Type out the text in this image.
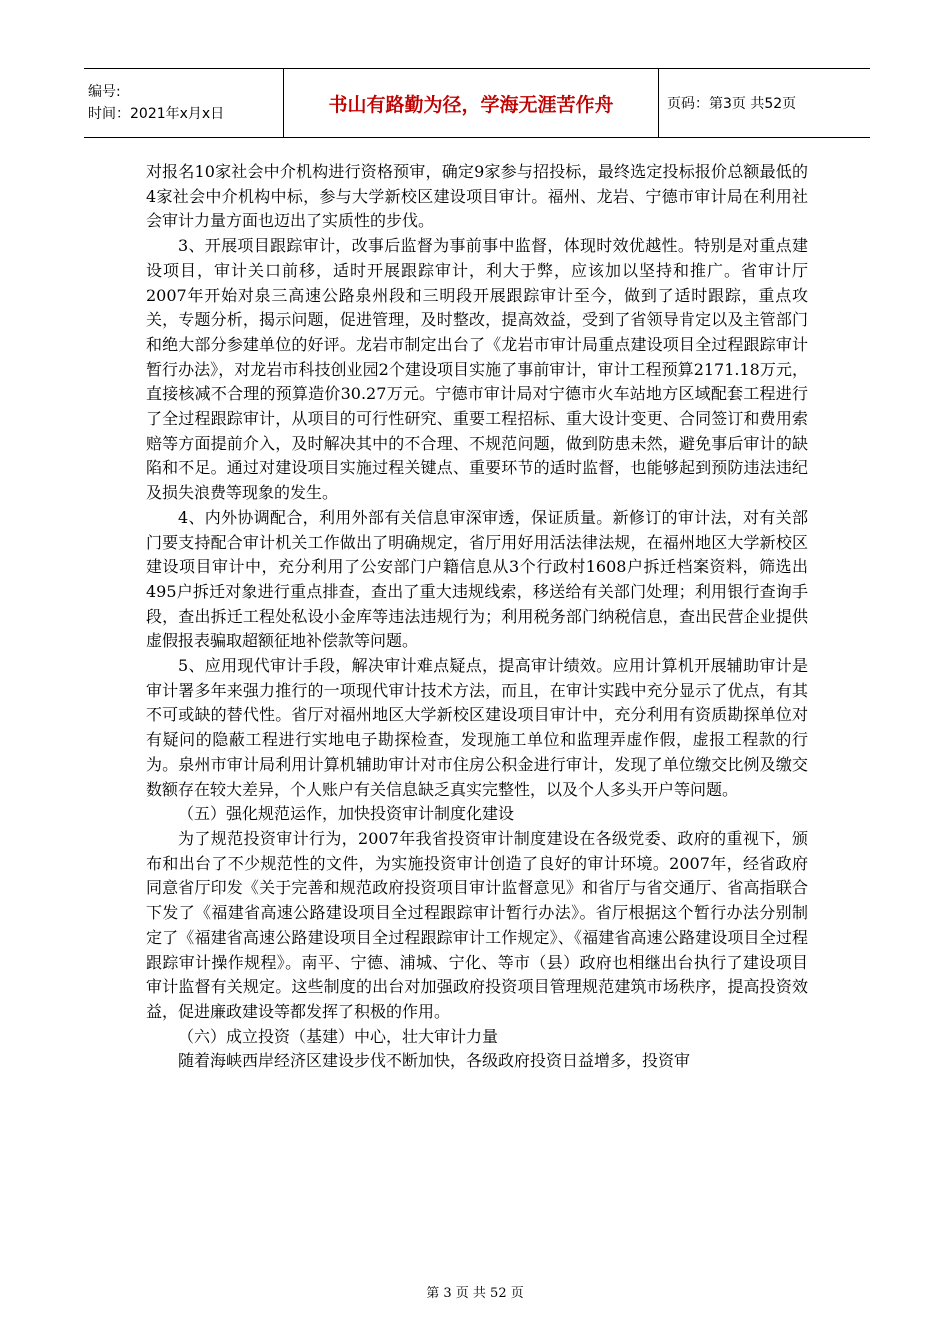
编号:
时间：2021年x月x日	书山有路勤为径，学海无涯苦作舟	页码：第3页 共52页

对报名10家社会中介机构进行资格预审，确定9家参与招投标，最终选定投标报价总额最低的4家社会中介机构中标，参与大学新校区建设项目审计。福州、龙岩、宁德市审计局在利用社会审计力量方面也迈出了实质性的步伐。

3、开展项目跟踪审计，改事后监督为事前事中监督，体现时效优越性。特别是对重点建设项目，审计关口前移，适时开展跟踪审计，利大于弊，应该加以坚持和推广。省审计厅2007年开始对泉三高速公路泉州段和三明段开展跟踪审计至今，做到了适时跟踪，重点攻关，专题分析，揭示问题，促进管理，及时整改，提高效益，受到了省领导肯定以及主管部门和绝大部分参建单位的好评。龙岩市制定出台了《龙岩市审计局重点建设项目全过程跟踪审计暂行办法》，对龙岩市科技创业园2个建设项目实施了事前审计，审计工程预算2171.18万元，直接核减不合理的预算造价30.27万元。宁德市审计局对宁德市火车站地方区域配套工程进行了全过程跟踪审计，从项目的可行性研究、重要工程招标、重大设计变更、合同签订和费用索赔等方面提前介入，及时解决其中的不合理、不规范问题，做到防患未然，避免事后审计的缺陷和不足。通过对建设项目实施过程关键点、重要环节的适时监督，也能够起到预防违法违纪及损失浪费等现象的发生。

4、内外协调配合，利用外部有关信息审深审透，保证质量。新修订的审计法，对有关部门要支持配合审计机关工作做出了明确规定，省厅用好用活法律法规，在福州地区大学新校区建设项目审计中，充分利用了公安部门户籍信息从3个行政村1608户拆迁档案资料，筛选出495户拆迁对象进行重点排查，查出了重大违规线索，移送给有关部门处理；利用银行查询手段，查出拆迁工程处私设小金库等违法违规行为；利用税务部门纳税信息，查出民营企业提供虚假报表骗取超额征地补偿款等问题。

5、应用现代审计手段，解决审计难点疑点，提高审计绩效。应用计算机开展辅助审计是审计署多年来强力推行的一项现代审计技术方法，而且，在审计实践中充分显示了优点，有其不可或缺的替代性。省厅对福州地区大学新校区建设项目审计中，充分利用有资质勘探单位对有疑问的隐蔽工程进行实地电子勘探检查，发现施工单位和监理弄虚作假，虚报工程款的行为。泉州市审计局利用计算机辅助审计对市住房公积金进行审计，发现了单位缴交比例及缴交数额存在较大差异，个人账户有关信息缺乏真实完整性，以及个人多头开户等问题。

（五）强化规范运作，加快投资审计制度化建设

为了规范投资审计行为，2007年我省投资审计制度建设在各级党委、政府的重视下，颁布和出台了不少规范性的文件，为实施投资审计创造了良好的审计环境。2007年，经省政府同意省厅印发《关于完善和规范政府投资项目审计监督意见》和省厅与省交通厅、省高指联合下发了《福建省高速公路建设项目全过程跟踪审计暂行办法》。省厅根据这个暂行办法分别制定了《福建省高速公路建设项目全过程跟踪审计工作规定》、《福建省高速公路建设项目全过程跟踪审计操作规程》。南平、宁德、浦城、宁化、等市（县）政府也相继出台执行了建设项目审计监督有关规定。这些制度的出台对加强政府投资项目管理规范建筑市场秩序，提高投资效益，促进廉政建设等都发挥了积极的作用。

（六）成立投资（基建）中心，壮大审计力量

随着海峡西岸经济区建设步伐不断加快，各级政府投资日益增多，投资审

第 3 页 共 52 页
